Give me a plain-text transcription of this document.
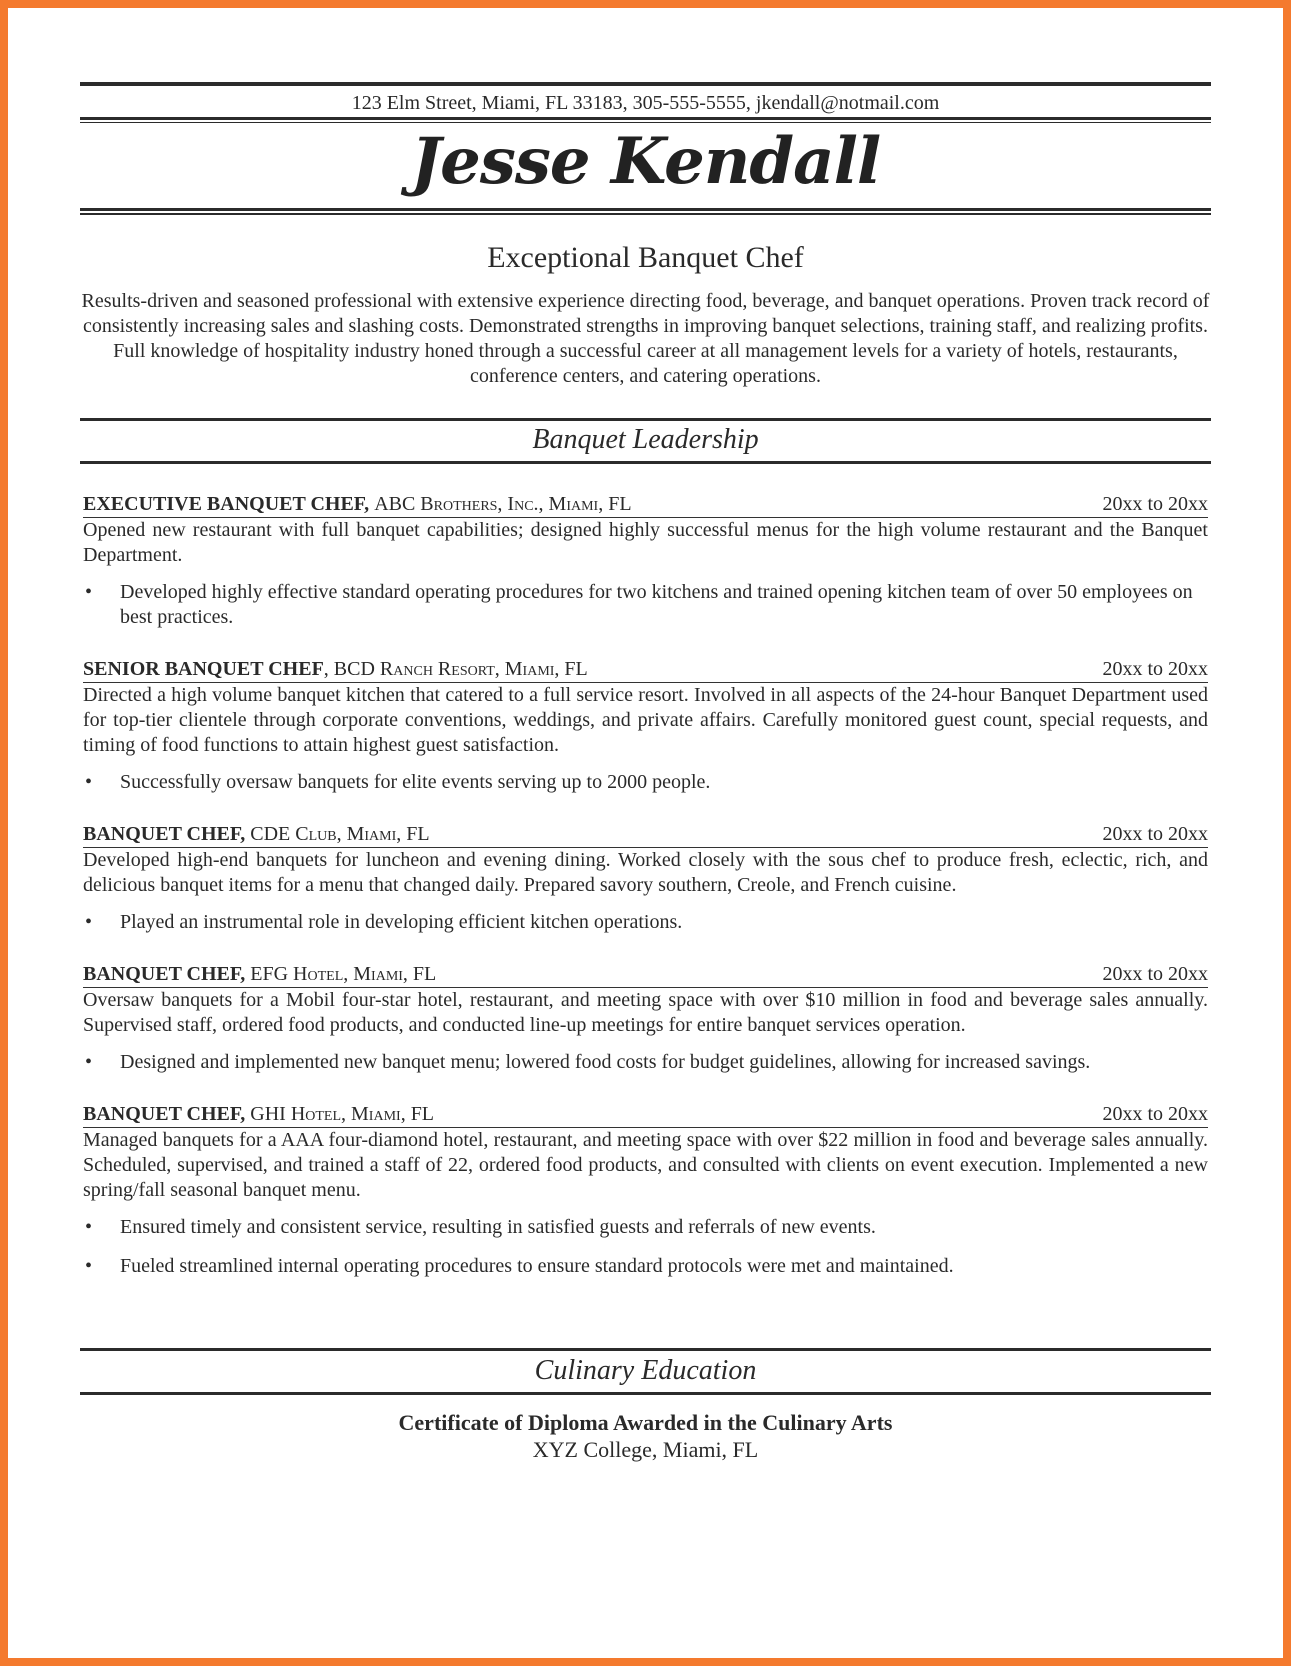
123 Elm Street, Miami, FL 33183, 305-555-5555, jkendall@notmail.com
Jesse Kendall
Exceptional Banquet Chef
Results-driven and seasoned professional with extensive experience directing food, beverage, and banquet operations. Proven track record of consistently increasing sales and slashing costs. Demonstrated strengths in improving banquet selections, training staff, and realizing profits. Full knowledge of hospitality industry honed through a successful career at all management levels for a variety of hotels, restaurants, conference centers, and catering operations.
Banquet Leadership
EXECUTIVE BANQUET CHEF, ABC Brothers, Inc., Miami, FL	20xx to 20xx

Opened new restaurant with full banquet capabilities; designed highly successful menus for the high volume restaurant and the Banquet Department.

• Developed highly effective standard operating procedures for two kitchens and trained opening kitchen team of over 50 employees on best practices.
SENIOR BANQUET CHEF, BCD Ranch Resort, Miami, FL	20xx to 20xx

Directed a high volume banquet kitchen that catered to a full service resort. Involved in all aspects of the 24-hour Banquet Department used for top-tier clientele through corporate conventions, weddings, and private affairs. Carefully monitored guest count, special requests, and timing of food functions to attain highest guest satisfaction.

• Successfully oversaw banquets for elite events serving up to 2000 people.
BANQUET CHEF, CDE Club, Miami, FL	20xx to 20xx

Developed high-end banquets for luncheon and evening dining. Worked closely with the sous chef to produce fresh, eclectic, rich, and delicious banquet items for a menu that changed daily. Prepared savory southern, Creole, and French cuisine.

• Played an instrumental role in developing efficient kitchen operations.
BANQUET CHEF, EFG Hotel, Miami, FL	20xx to 20xx

Oversaw banquets for a Mobil four-star hotel, restaurant, and meeting space with over $10 million in food and beverage sales annually. Supervised staff, ordered food products, and conducted line-up meetings for entire banquet services operation.

• Designed and implemented new banquet menu; lowered food costs for budget guidelines, allowing for increased savings.
BANQUET CHEF, GHI Hotel, Miami, FL	20xx to 20xx

Managed banquets for a AAA four-diamond hotel, restaurant, and meeting space with over $22 million in food and beverage sales annually. Scheduled, supervised, and trained a staff of 22, ordered food products, and consulted with clients on event execution. Implemented a new spring/fall seasonal banquet menu.

• Ensured timely and consistent service, resulting in satisfied guests and referrals of new events.
• Fueled streamlined internal operating procedures to ensure standard protocols were met and maintained.
Culinary Education
Certificate of Diploma Awarded in the Culinary Arts
XYZ College, Miami, FL
